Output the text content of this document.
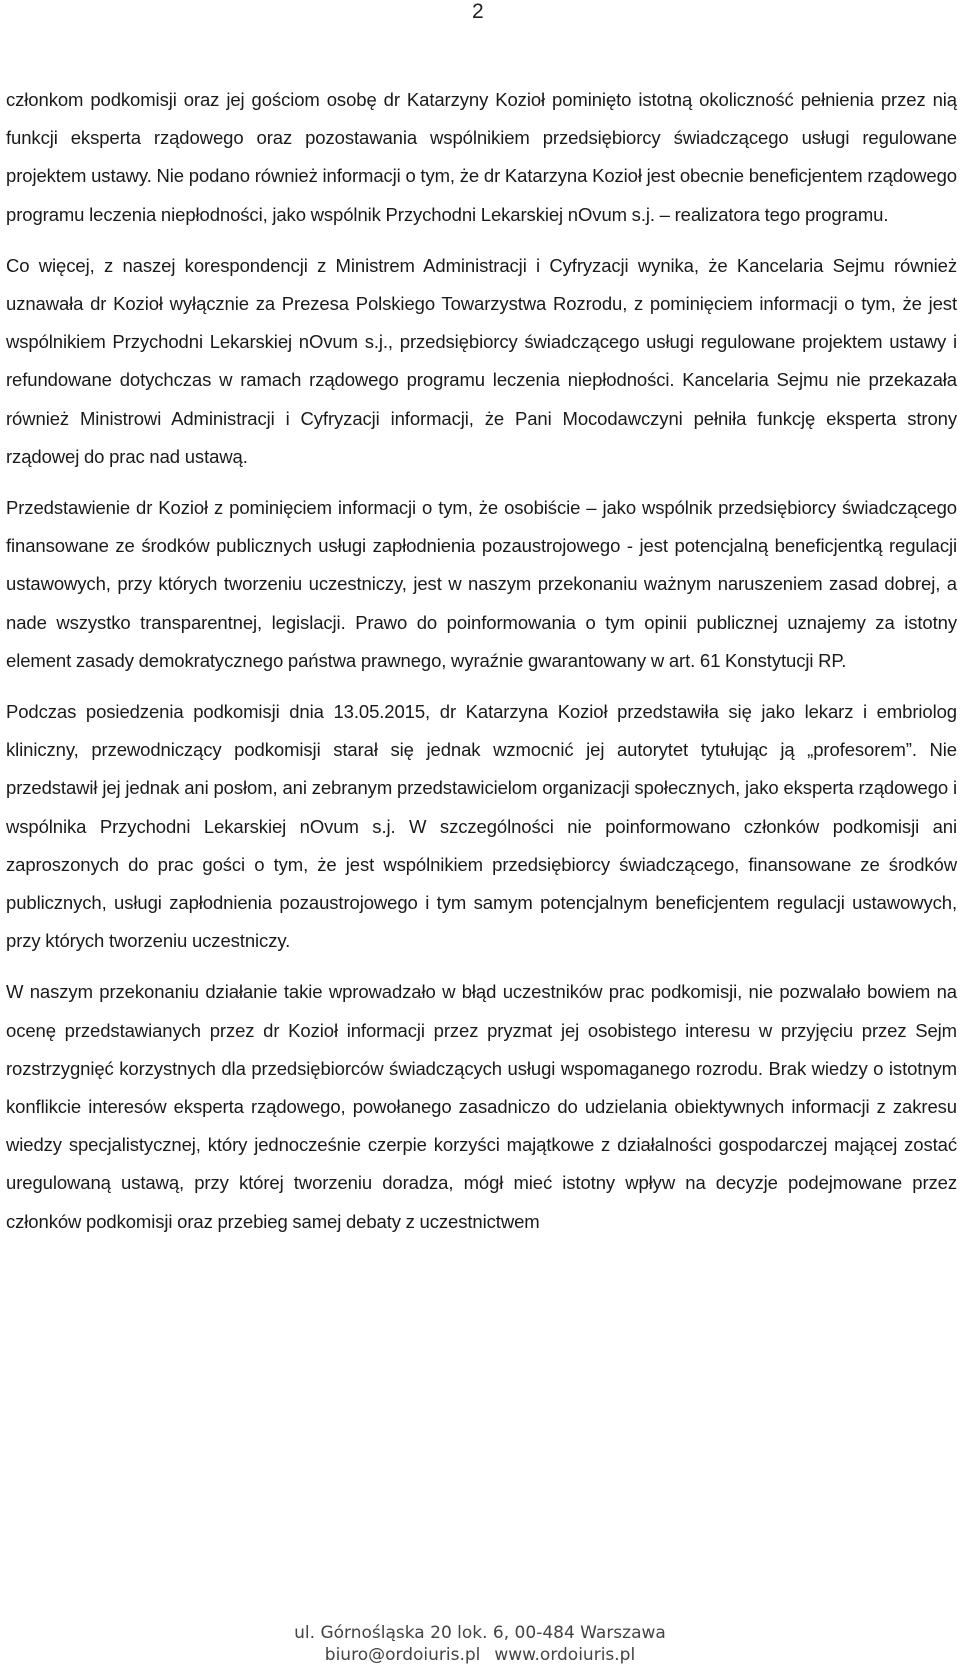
2

członkom podkomisji oraz jej gościom osobę dr Katarzyny Kozioł pominięto istotną okoliczność pełnienia przez nią funkcji eksperta rządowego oraz pozostawania wspólnikiem przedsiębiorcy świadczącego usługi regulowane projektem ustawy. Nie podano również informacji o tym, że dr Katarzyna Kozioł jest obecnie beneficjentem rządowego programu leczenia niepłodności, jako wspólnik Przychodni Lekarskiej nOvum s.j. – realizatora tego programu.

Co więcej, z naszej korespondencji z Ministrem Administracji i Cyfryzacji wynika, że Kancelaria Sejmu również uznawała dr Kozioł wyłącznie za Prezesa Polskiego Towarzystwa Rozrodu, z pominięciem informacji o tym, że jest wspólnikiem Przychodni Lekarskiej nOvum s.j., przedsiębiorcy świadczącego usługi regulowane projektem ustawy i refundowane dotychczas w ramach rządowego programu leczenia niepłodności. Kancelaria Sejmu nie przekazała również Ministrowi Administracji i Cyfryzacji informacji, że Pani Mocodawczyni pełniła funkcję eksperta strony rządowej do prac nad ustawą.

Przedstawienie dr Kozioł z pominięciem informacji o tym, że osobiście – jako wspólnik przedsiębiorcy świadczącego finansowane ze środków publicznych usługi zapłodnienia pozaustrojowego - jest potencjalną beneficjentką regulacji ustawowych, przy których tworzeniu uczestniczy, jest w naszym przekonaniu ważnym naruszeniem zasad dobrej, a nade wszystko transparentnej, legislacji. Prawo do poinformowania o tym opinii publicznej uznajemy za istotny element zasady demokratycznego państwa prawnego, wyraźnie gwarantowany w art. 61 Konstytucji RP.

Podczas posiedzenia podkomisji dnia 13.05.2015, dr Katarzyna Kozioł przedstawiła się jako lekarz i embriolog kliniczny, przewodniczący podkomisji starał się jednak wzmocnić jej autorytet tytułując ją „profesorem”. Nie przedstawił jej jednak ani posłom, ani zebranym przedstawicielom organizacji społecznych, jako eksperta rządowego i wspólnika Przychodni Lekarskiej nOvum s.j. W szczególności nie poinformowano członków podkomisji ani zaproszonych do prac gości o tym, że jest wspólnikiem przedsiębiorcy świadczącego, finansowane ze środków publicznych, usługi zapłodnienia pozaustrojowego i tym samym potencjalnym beneficjentem regulacji ustawowych, przy których tworzeniu uczestniczy.

W naszym przekonaniu działanie takie wprowadzało w błąd uczestników prac podkomisji, nie pozwalało bowiem na ocenę przedstawianych przez dr Kozioł informacji przez pryzmat jej osobistego interesu w przyjęciu przez Sejm rozstrzygnięć korzystnych dla przedsiębiorców świadczących usługi wspomaganego rozrodu. Brak wiedzy o istotnym konflikcie interesów eksperta rządowego, powołanego zasadniczo do udzielania obiektywnych informacji z zakresu wiedzy specjalistycznej, który jednocześnie czerpie korzyści majątkowe z działalności gospodarczej mającej zostać uregulowaną ustawą, przy której tworzeniu doradza, mógł mieć istotny wpływ na decyzje podejmowane przez członków podkomisji oraz przebieg samej debaty z uczestnictwem

ul. Górnośląska 20 lok. 6, 00-484 Warszawa
biuro@ordoiuris.pl www.ordoiuris.pl
